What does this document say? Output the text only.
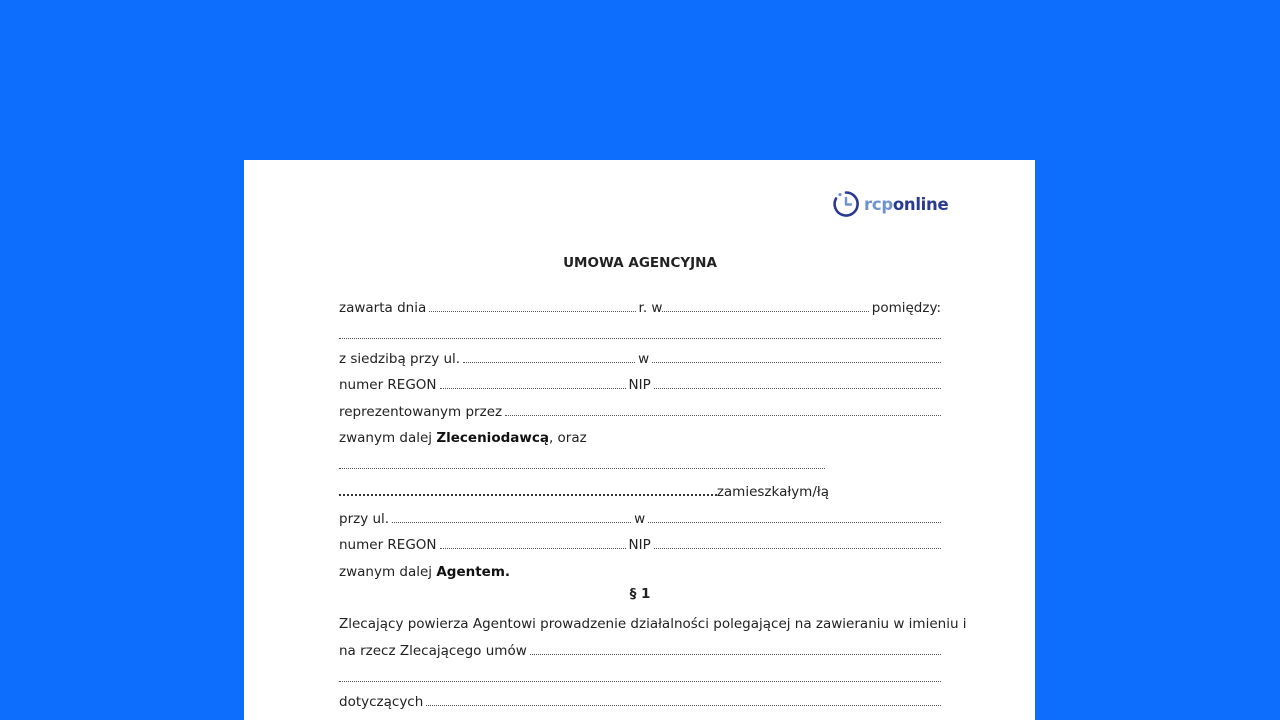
rcponline
UMOWA AGENCYJNA
zawarta dnia	r. w	pomiędzy:
z siedzibą przy ul.	w
numer REGON	NIP
reprezentowanym przez
zwanym dalej
Zleceniodawcą , oraz
zamieszkałym/łą
przy ul.	w
numer REGON	NIP
zwanym dalej
Agentem.
§ 1
Zlecający powierza Agentowi prowadzenie działalności polegającej na zawieraniu w imieniu i
na rzecz Zlecającego umów
dotyczących
